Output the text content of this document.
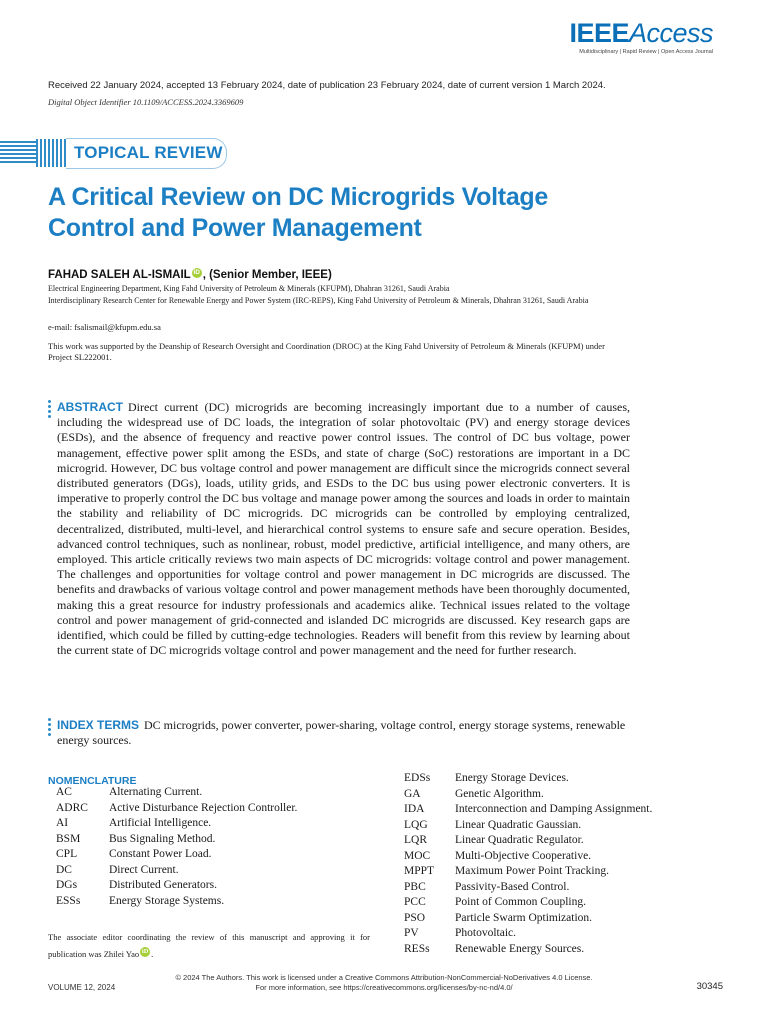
IEEEAccess
Multidisciplinary | Rapid Review | Open Access Journal
Received 22 January 2024, accepted 13 February 2024, date of publication 23 February 2024, date of current version 1 March 2024.
Digital Object Identifier 10.1109/ACCESS.2024.3369609
TOPICAL REVIEW
A Critical Review on DC Microgrids Voltage Control and Power Management
FAHAD SALEH AL-ISMAIL iD , (Senior Member, IEEE)
Electrical Engineering Department, King Fahd University of Petroleum & Minerals (KFUPM), Dhahran 31261, Saudi Arabia
Interdisciplinary Research Center for Renewable Energy and Power System (IRC-REPS), King Fahd University of Petroleum & Minerals, Dhahran 31261, Saudi Arabia
e-mail: fsalismail@kfupm.edu.sa
This work was supported by the Deanship of Research Oversight and Coordination (DROC) at the King Fahd University of Petroleum & Minerals (KFUPM) under Project SL222001.
ABSTRACT Direct current (DC) microgrids are becoming increasingly important due to a number of causes, including the widespread use of DC loads, the integration of solar photovoltaic (PV) and energy storage devices (ESDs), and the absence of frequency and reactive power control issues. The control of DC bus voltage, power management, effective power split among the ESDs, and state of charge (SoC) restorations are important in a DC microgrid. However, DC bus voltage control and power management are difficult since the microgrids connect several distributed generators (DGs), loads, utility grids, and ESDs to the DC bus using power electronic converters. It is imperative to properly control the DC bus voltage and manage power among the sources and loads in order to maintain the stability and reliability of DC microgrids. DC microgrids can be controlled by employing centralized, decentralized, distributed, multi-level, and hierarchical control systems to ensure safe and secure operation. Besides, advanced control techniques, such as nonlinear, robust, model predictive, artificial intelligence, and many others, are employed. This article critically reviews two main aspects of DC microgrids: voltage control and power management. The challenges and opportunities for voltage control and power management in DC microgrids are discussed. The benefits and drawbacks of various voltage control and power management methods have been thoroughly documented, making this a great resource for industry professionals and academics alike. Technical issues related to the voltage control and power management of grid-connected and islanded DC microgrids are discussed. Key research gaps are identified, which could be filled by cutting-edge technologies. Readers will benefit from this review by learning about the current state of DC microgrids voltage control and power management and the need for further research.
INDEX TERMS DC microgrids, power converter, power-sharing, voltage control, energy storage systems, renewable energy sources.
NOMENCLATURE
AC	Alternating Current.
ADRC	Active Disturbance Rejection Controller.
AI	Artificial Intelligence.
BSM	Bus Signaling Method.
CPL	Constant Power Load.
DC	Direct Current.
DGs	Distributed Generators.
ESSs	Energy Storage Systems.
EDSs	Energy Storage Devices.
GA	Genetic Algorithm.
IDA	Interconnection and Damping Assignment.
LQG	Linear Quadratic Gaussian.
LQR	Linear Quadratic Regulator.
MOC	Multi-Objective Cooperative.
MPPT	Maximum Power Point Tracking.
PBC	Passivity-Based Control.
PCC	Point of Common Coupling.
PSO	Particle Swarm Optimization.
PV	Photovoltaic.
RESs	Renewable Energy Sources.
The associate editor coordinating the review of this manuscript and approving it for publication was Zhilei Yao iD .
© 2024 The Authors. This work is licensed under a Creative Commons Attribution-NonCommercial-NoDerivatives 4.0 License.
For more information, see https://creativecommons.org/licenses/by-nc-nd/4.0/
VOLUME 12, 2024	30345
